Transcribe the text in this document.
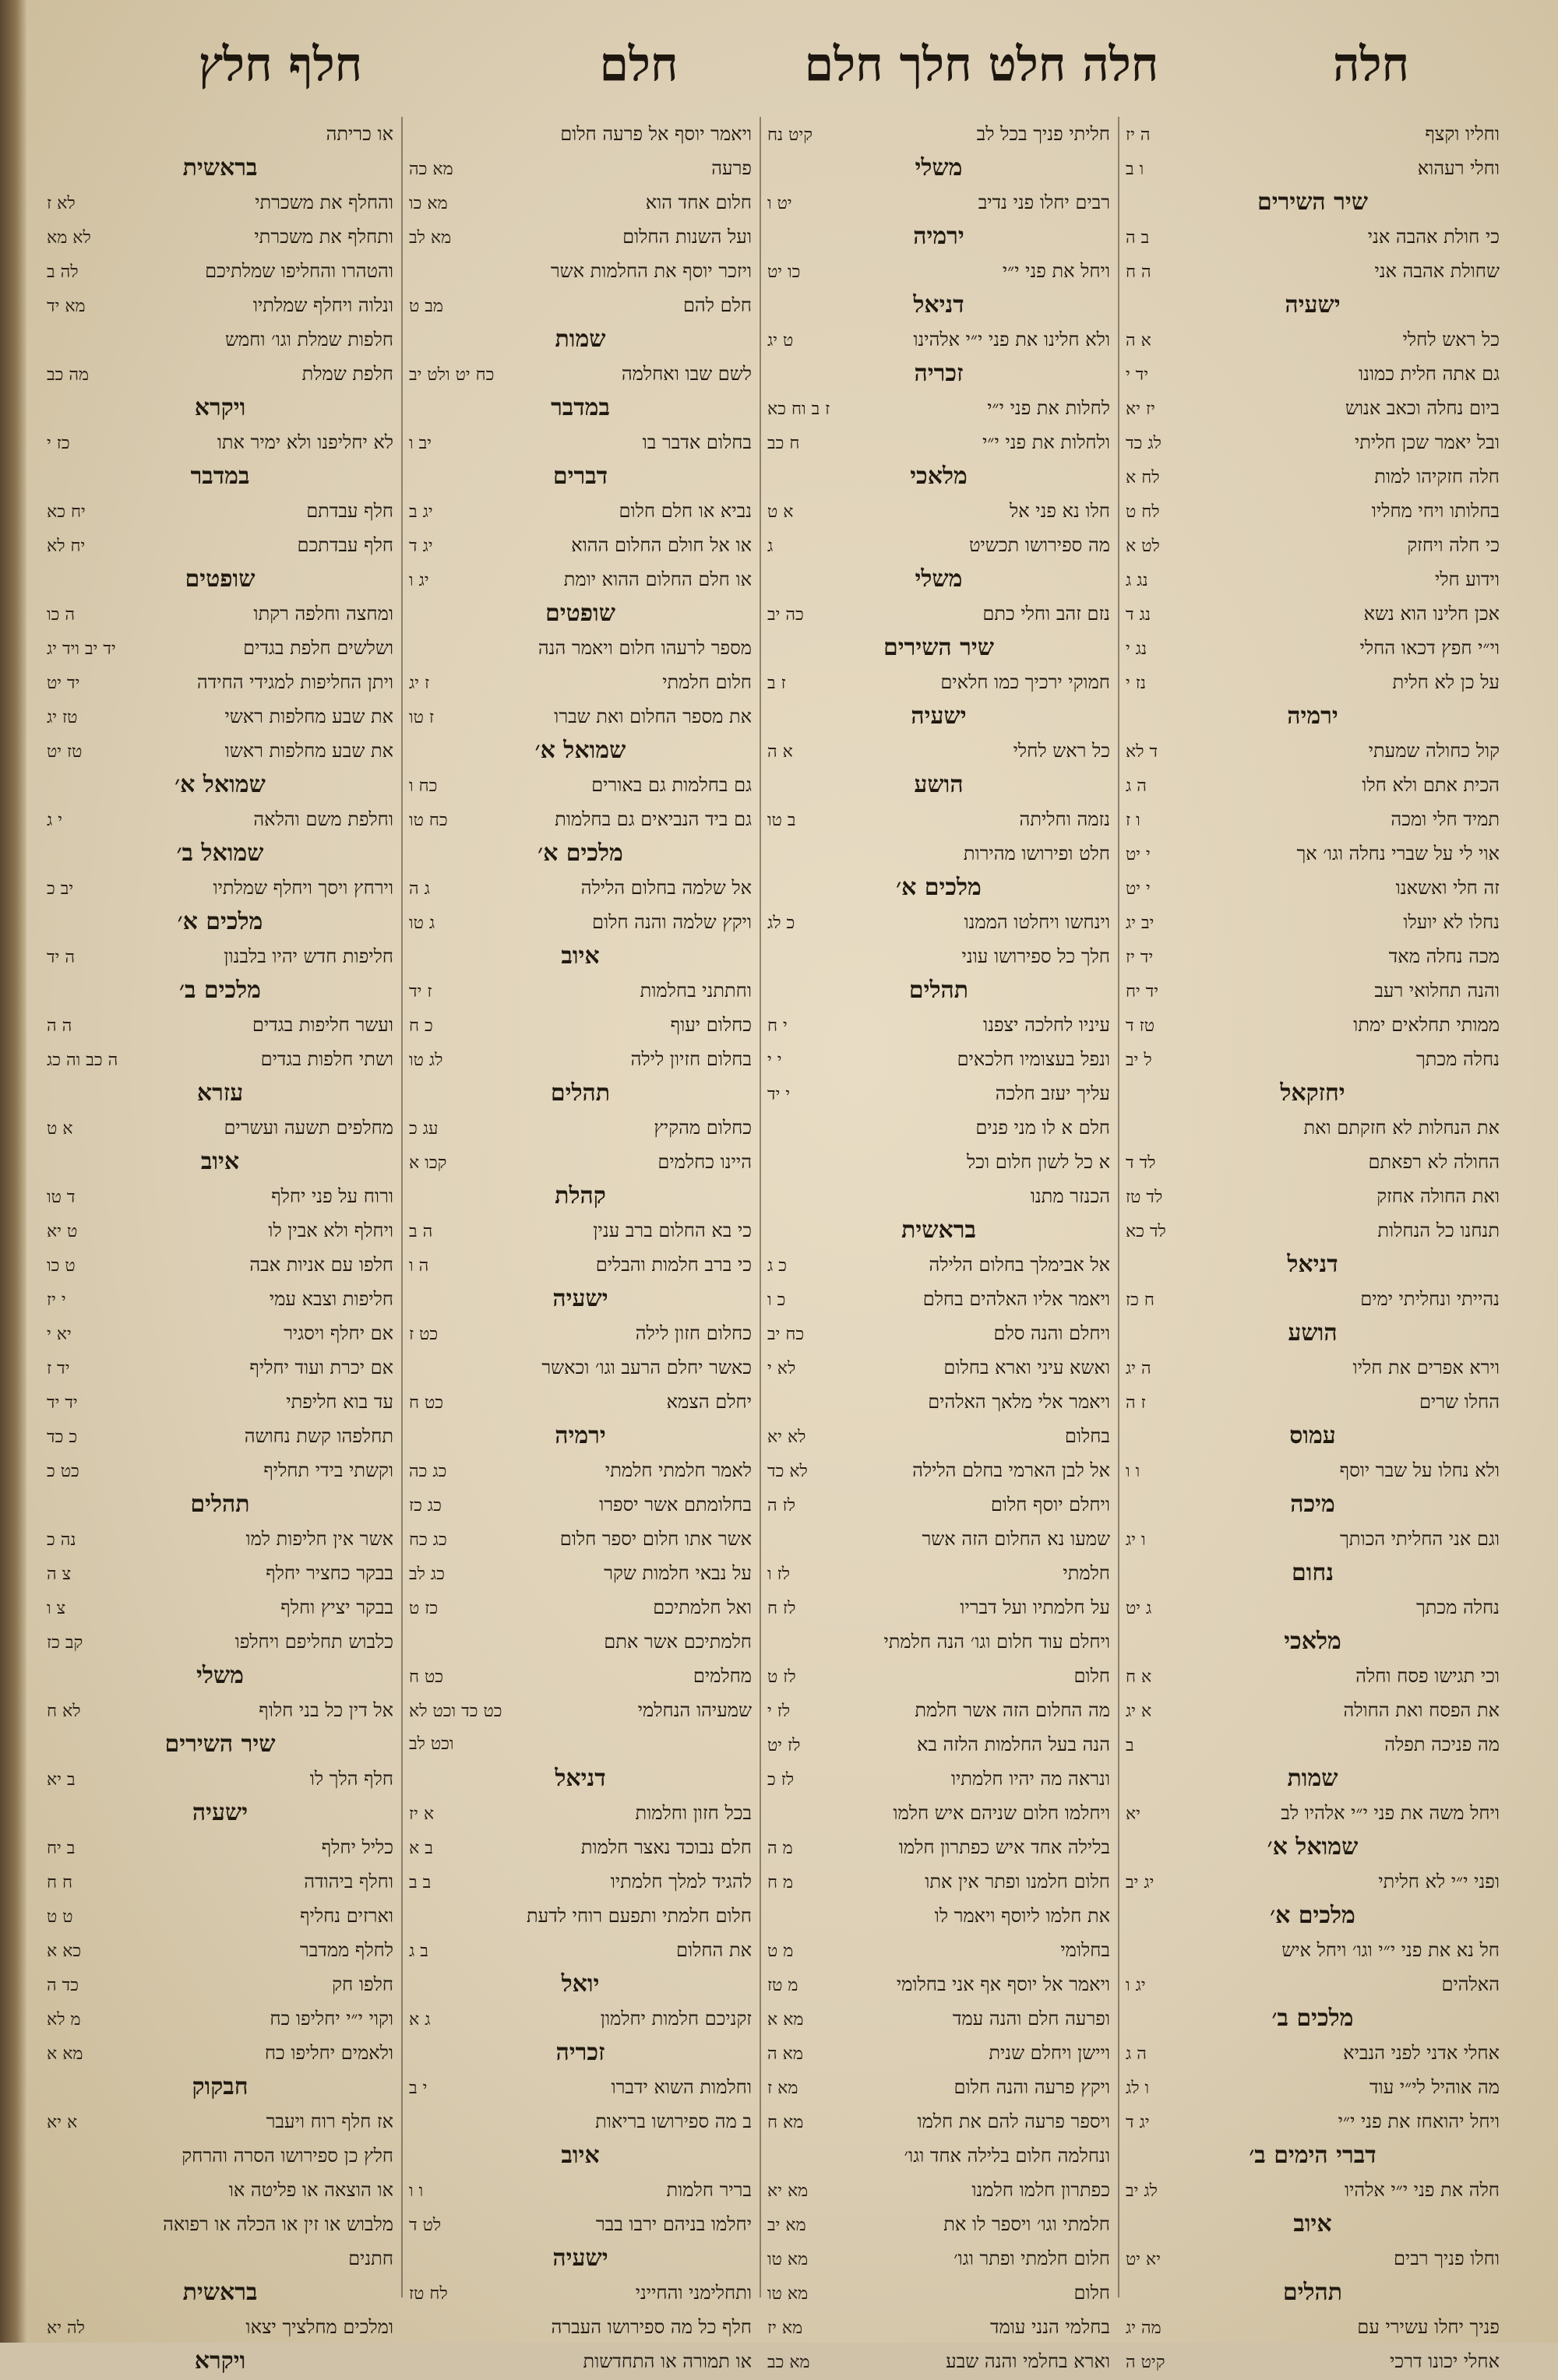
חלה
חלה חלט חלך חלם
חלם
חלף חלץ
וחליו וקצף
ה יז
וחלי רעהוא
ו ב
שיר השירים
כי חולת אהבה אני
ב ה
שחולת אהבה אני
ה ח
ישעיה
כל ראש לחלי
א ה
גם אתה חלית כמונו
יד י
ביום נחלה וכאב אנוש
יז יא
ובל יאמר שכן חליתי
לג כד
חלה חזקיהו למות
לח א
בחלותו ויחי מחליו
לח ט
כי חלה ויחזק
לט א
וידוע חלי
נג ג
אכן חלינו הוא נשא
נג ד
וי״י חפץ דכאו החלי
נג י
על כן לא חלית
נז י
ירמיה
קול כחולה שמעתי
ד לא
הכית אתם ולא חלו
ה ג
תמיד חלי ומכה
ו ז
אוי לי על שברי נחלה וגו׳ אך
י יט
זה חלי ואשאנו
י יט
נחלו לא יועלו
יב יג
מכה נחלה מאד
יד יז
והנה תחלואי רעב
יד יח
ממותי תחלאים ימתו
טז ד
נחלה מכתך
ל יב
יחזקאל
את הנחלות לא חזקתם ואת
החולה לא רפאתם
לד ד
ואת החולה אחזק
לד טז
תנחנו כל הנחלות
לד כא
דניאל
נהייתי ונחליתי ימים
ח כז
הושע
וירא אפרים את חליו
ה יג
החלו שרים
ז ה
עמוס
ולא נחלו על שבר יוסף
ו ו
מיכה
וגם אני החליתי הכותך
ו יג
נחום
נחלה מכתך
ג יט
מלאכי
וכי תגישו פסח וחלה
א ח
את הפסח ואת החולה
א יג
מה פניכה תפלה
ב
שמות
ויחל משה את פני י״י אלהיו לב
יא
שמואל א׳
ופני י״י לא חליתי
יג יב
מלכים א׳
חל נא את פני י״י וגו׳ ויחל איש
האלהים
יג ו
מלכים ב׳
אחלי אדני לפני הנביא
ה ג
מה אוהיל לי״י עוד
ו לג
ויחל יהואחז את פני י״י
יג ד
דברי הימים ב׳
חלה את פני י״י אלהיו
לג יב
איוב
וחלו פניך רבים
יא יט
תהלים
פניך יחלו עשירי עם
מה יג
אחלי יכונו דרכי
קיט ה
חליתי פניך בכל לב
קיט נח
משלי
רבים יחלו פני נדיב
יט ו
ירמיה
ויחל את פני י״י
כו יט
דניאל
ולא חלינו את פני י״י אלהינו
ט יג
זכריה
לחלות את פני י״י
ז ב וח כא
ולחלות את פני י״י
ח כב
מלאכי
חלו נא פני אל
א ט
מה ספירושו תכשיט
ג
משלי
נזם זהב וחלי כתם
כה יב
שיר השירים
חמוקי ירכיך כמו חלאים
ז ב
ישעיה
כל ראש לחלי
א ה
הושע
נזמה וחליתה
ב טו
חלט ופירושו מהירות
מלכים א׳
וינחשו ויחלטו הממנו
כ לג
חלך כל ספירושו עוני
תהלים
עיניו לחלכה יצפנו
י ח
ונפל בעצומיו חלכאים
י י
עליך יעזב חלכה
י יד
חלם א לו מני פנים
א כל לשון חלום וכל
הכנזר מתנו
בראשית
אל אבימלך בחלום הלילה
כ ג
ויאמר אליו האלהים בחלם
כ ו
ויחלם והנה סלם
כח יב
ואשא עיני וארא בחלום
לא י
ויאמר אלי מלאך האלהים
בחלום
לא יא
אל לבן הארמי בחלם הלילה
לא כד
ויחלם יוסף חלום
לז ה
שמעו נא החלום הזה אשר
חלמתי
לז ו
על חלמתיו ועל דבריו
לז ח
ויחלם עוד חלום וגו׳ הנה חלמתי
חלום
לז ט
מה החלום הזה אשר חלמת
לז י
הנה בעל החלמות הלזה בא
לז יט
ונראה מה יהיו חלמתיו
לז כ
ויחלמו חלום שניהם איש חלמו
בלילה אחד איש כפתרון חלמו
מ ה
חלום חלמנו ופתר אין אתו
מ ח
את חלמו ליוסף ויאמר לו
בחלומי
מ ט
ויאמר אל יוסף אף אני בחלומי
מ טז
ופרעה חלם והנה עמד
מא א
ויישן ויחלם שנית
מא ה
ויקץ פרעה והנה חלום
מא ז
ויספר פרעה להם את חלמו
מא ח
ונחלמה חלום בלילה אחד וגו׳
כפתרון חלמו חלמנו
מא יא
חלמתי וגו׳ ויספר לו את
מא יב
חלום חלמתי ופתר וגו׳
מא טו
חלום
מא טו
בחלמי הנני עומד
מא יז
וארא בחלמי והנה שבע
מא כב
ויאמר יוסף אל פרעה חלום
פרעה
מא כה
חלום אחד הוא
מא כו
ועל השנות החלום
מא לב
ויזכר יוסף את החלמות אשר
חלם להם
מב ט
שמות
לשם שבו ואחלמה
כח יט ולט יב
במדבר
בחלום אדבר בו
יב ו
דברים
נביא או חלם חלום
יג ב
או אל חולם החלום ההוא
יג ד
או חלם החלום ההוא יומת
יג ו
שופטים
מספר לרעהו חלום ויאמר הנה
חלום חלמתי
ז יג
את מספר החלום ואת שברו
ז טו
שמואל א׳
גם בחלמות גם באורים
כח ו
גם ביד הנביאים גם בחלמות
כח טו
מלכים א׳
אל שלמה בחלום הלילה
ג ה
ויקץ שלמה והנה חלום
ג טו
איוב
וחתתני בחלמות
ז יד
כחלום יעוף
כ ח
בחלום חזיון לילה
לג טו
תהלים
כחלום מהקיץ
עג כ
היינו כחלמים
קכו א
קהלת
כי בא החלום ברב ענין
ה ב
כי ברב חלמות והבלים
ה ו
ישעיה
כחלום חזון לילה
כט ז
כאשר יחלם הרעב וגו׳ וכאשר
יחלם הצמא
כט ח
ירמיה
לאמר חלמתי חלמתי
כג כה
בחלומתם אשר יספרו
כג כז
אשר אתו חלום יספר חלום
כג כח
על נבאי חלמות שקר
כג לב
ואל חלמתיכם
כז ט
חלמתיכם אשר אתם
מחלמים
כט ח
שמעיהו הנחלמי
כט כד וכט לא
וכט לב
דניאל
בכל חזון וחלמות
א יז
חלם נבוכד נאצר חלמות
ב א
להגיד למלך חלמתיו
ב ב
חלום חלמתי ותפעם רוחי לדעת
את החלום
ב ג
יואל
זקניכם חלמות יחלמון
ג א
זכריה
וחלמות השוא ידברו
י ב
ב מה ספירושו בריאות
איוב
בריר חלמות
ו ו
יחלמו בניהם ירבו בבר
לט ד
ישעיה
ותחלימני והחייני
לח טז
חלף כל מה ספירושו העברה
או תמורה או התחדשות
או כריתה
בראשית
והחלף את משכרתי
לא ז
ותחלף את משכרתי
לא מא
והטהרו והחליפו שמלתיכם
לה ב
ונלוה ויחלף שמלתיו
מא יד
חלפות שמלת וגו׳ וחמש
חלפת שמלת
מה כב
ויקרא
לא יחליפנו ולא ימיר אתו
כז י
במדבר
חלף עבדתם
יח כא
חלף עבדתכם
יח לא
שופטים
ומחצה וחלפה רקתו
ה כו
ושלשים חלפת בגדים
יד יב ויד יג
ויתן החליפות למגידי החידה
יד יט
את שבע מחלפות ראשי
טז יג
את שבע מחלפות ראשו
טז יט
שמואל א׳
וחלפת משם והלאה
י ג
שמואל ב׳
וירחץ ויסך ויחלף שמלתיו
יב כ
מלכים א׳
חליפות חדש יהיו בלבנון
ה יד
מלכים ב׳
ועשר חליפות בגדים
ה ה
ושתי חלפות בגדים
ה כב וה כג
עזרא
מחלפים תשעה ועשרים
א ט
איוב
ורוח על פני יחלף
ד טו
ויחלף ולא אבין לו
ט יא
חלפו עם אניות אבה
ט כו
חליפות וצבא עמי
י יז
אם יחלף ויסגיר
יא י
אם יכרת ועוד יחליף
יד ז
עד בוא חליפתי
יד יד
תחלפהו קשת נחושה
כ כד
וקשתי בידי תחליף
כט כ
תהלים
אשר אין חליפות למו
נה כ
בבקר כחציר יחלף
צ ה
בבקר יציץ וחלף
צ ו
כלבוש תחליפם ויחלפו
קב כז
משלי
אל דין כל בני חלוף
לא ח
שיר השירים
חלף הלך לו
ב יא
ישעיה
כליל יחלף
ב יח
וחלף ביהודה
ח ח
וארזים נחליף
ט ט
לחלף ממדבר
כא א
חלפו חק
כד ה
וקוי י״י יחליפו כח
מ לא
ולאמים יחליפו כח
מא א
חבקוק
אז חלף רוח ויעבר
א יא
חלץ כן ספירושו הסרה והרחק
או הוצאה או פליטה או
מלבוש או זין או הכלה או רפואה
חתנים
בראשית
ומלכים מחלציך יצאו
לה יא
ויקרא
